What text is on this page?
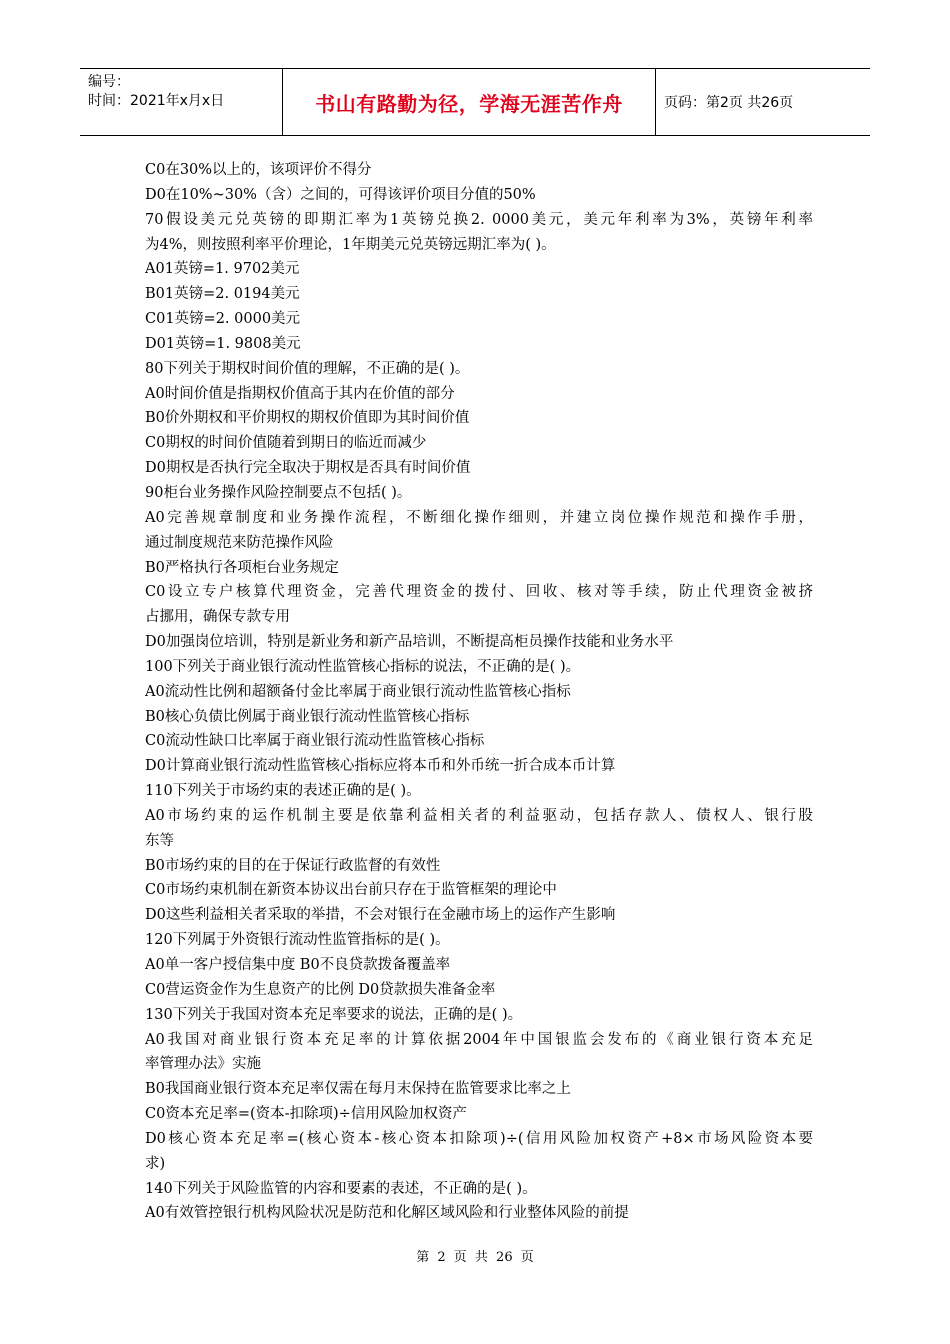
编号：
时间：2021年x月x日	书山有路勤为径，学海无涯苦作舟	页码：第2页 共26页
C0在30%以上的，该项评价不得分
D0在10%~30%（含）之间的，可得该评价项目分值的50%
70假设美元兑英镑的即期汇率为1英镑兑换2. 0000美元，美元年利率为3%，英镑年利率
为4%，则按照利率平价理论，1年期美元兑英镑远期汇率为( )。
A01英镑=1. 9702美元
B01英镑=2. 0194美元
C01英镑=2. 0000美元
D01英镑=1. 9808美元
80下列关于期权时间价值的理解，不正确的是( )。
A0时间价值是指期权价值高于其内在价值的部分
B0价外期权和平价期权的期权价值即为其时间价值
C0期权的时间价值随着到期日的临近而减少
D0期权是否执行完全取决于期权是否具有时间价值
90柜台业务操作风险控制要点不包括( )。
A0完善规章制度和业务操作流程，不断细化操作细则，并建立岗位操作规范和操作手册，
通过制度规范来防范操作风险
B0严格执行各项柜台业务规定
C0设立专户核算代理资金，完善代理资金的拨付、回收、核对等手续，防止代理资金被挤
占挪用，确保专款专用
D0加强岗位培训，特别是新业务和新产品培训，不断提高柜员操作技能和业务水平
100下列关于商业银行流动性监管核心指标的说法，不正确的是( )。
A0流动性比例和超额备付金比率属于商业银行流动性监管核心指标
B0核心负债比例属于商业银行流动性监管核心指标
C0流动性缺口比率属于商业银行流动性监管核心指标
D0计算商业银行流动性监管核心指标应将本币和外币统一折合成本币计算
110下列关于市场约束的表述正确的是( )。
A0市场约束的运作机制主要是依靠利益相关者的利益驱动，包括存款人、债权人、银行股
东等
B0市场约束的目的在于保证行政监督的有效性
C0市场约束机制在新资本协议出台前只存在于监管框架的理论中
D0这些利益相关者采取的举措，不会对银行在金融市场上的运作产生影响
120下列属于外资银行流动性监管指标的是( )。
A0单一客户授信集中度 B0不良贷款拨备覆盖率
C0营运资金作为生息资产的比例 D0贷款损失准备金率
130下列关于我国对资本充足率要求的说法，正确的是( )。
A0我国对商业银行资本充足率的计算依据2004年中国银监会发布的《商业银行资本充足
率管理办法》实施
B0我国商业银行资本充足率仅需在每月末保持在监管要求比率之上
C0资本充足率=(资本-扣除项)÷信用风险加权资产
D0核心资本充足率=(核心资本-核心资本扣除项)÷(信用风险加权资产+8×市场风险资本要
求)
140下列关于风险监管的内容和要素的表述，不正确的是( )。
A0有效管控银行机构风险状况是防范和化解区域风险和行业整体风险的前提
第 2 页 共 26 页
